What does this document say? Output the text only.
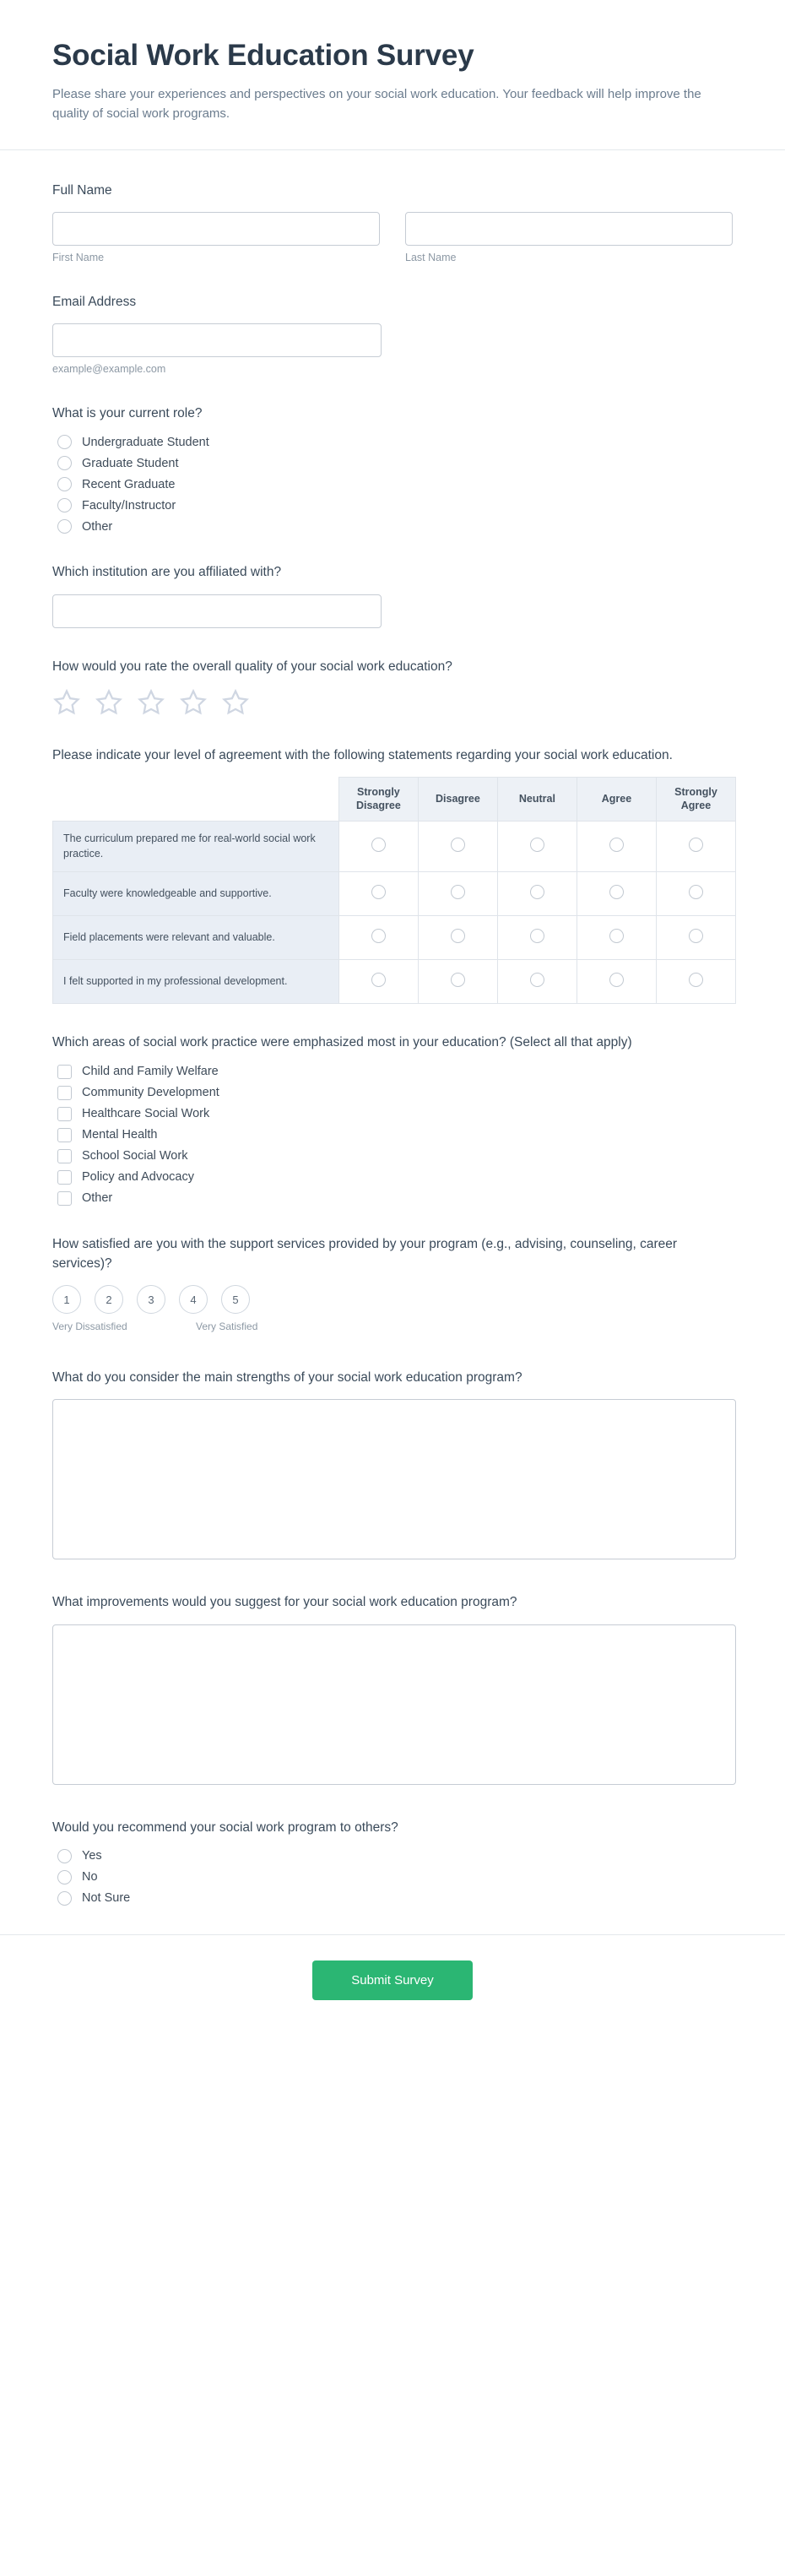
Social Work Education Survey

Please share your experiences and perspectives on your social work education. Your feedback will help improve the quality of social work programs.

Full Name
First Name	Last Name
Email Address
example@example.com
What is your current role?
Undergraduate Student
Graduate Student
Recent Graduate
Faculty/Instructor
Other
Which institution are you affiliated with?
How would you rate the overall quality of your social work education?
Please indicate your level of agreement with the following statements regarding your social work education.
	Strongly Disagree	Disagree	Neutral	Agree	Strongly Agree
The curriculum prepared me for real-world social work practice.					
Faculty were knowledgeable and supportive.					
Field placements were relevant and valuable.					
I felt supported in my professional development.					
Which areas of social work practice were emphasized most in your education? (Select all that apply)
Child and Family Welfare
Community Development
Healthcare Social Work
Mental Health
School Social Work
Policy and Advocacy
Other
How satisfied are you with the support services provided by your program (e.g., advising, counseling, career services)?
1	2	3	4	5
Very Dissatisfied	Very Satisfied
What do you consider the main strengths of your social work education program?
What improvements would you suggest for your social work education program?
Would you recommend your social work program to others?
Yes
No
Not Sure
Submit Survey
